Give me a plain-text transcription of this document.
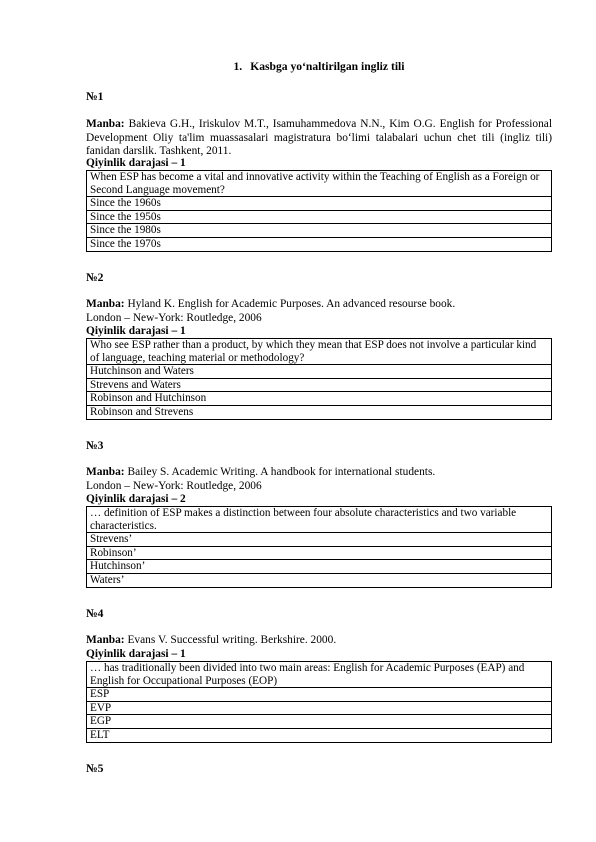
1. Kasbga yo‘naltirilgan ingliz tili
№1
Manba: Bakieva G.H., Iriskulov M.T., Isamuhammedova N.N., Kim O.G. English for Professional Development Oliy ta'lim muassasalari magistratura bo‘limi talabalari uchun chet tili (ingliz tili) fanidan darslik. Tashkent, 2011.
Qiyinlik darajasi – 1
When ESP has become a vital and innovative activity within the Teaching of English as a Foreign or Second Language movement?
Since the 1960s
Since the 1950s
Since the 1980s
Since the 1970s
№2
Manba: Hyland K. English for Academic Purposes. An advanced resourse book.
London – New-York: Routledge, 2006
Qiyinlik darajasi – 1
Who see ESP rather than a product, by which they mean that ESP does not involve a particular kind of language, teaching material or methodology?
Hutchinson and Waters
Strevens and Waters
Robinson and Hutchinson
Robinson and Strevens
№3
Manba: Bailey S. Academic Writing. A handbook for international students.
London – New-York: Routledge, 2006
Qiyinlik darajasi – 2
… definition of ESP makes a distinction between four absolute characteristics and two variable characteristics.
Strevens’
Robinson’
Hutchinson’
Waters’
№4
Manba: Evans V. Successful writing. Berkshire. 2000.
Qiyinlik darajasi – 1
… has traditionally been divided into two main areas: English for Academic Purposes (EAP) and English for Occupational Purposes (EOP)
ESP
EVP
EGP
ELT
№5
